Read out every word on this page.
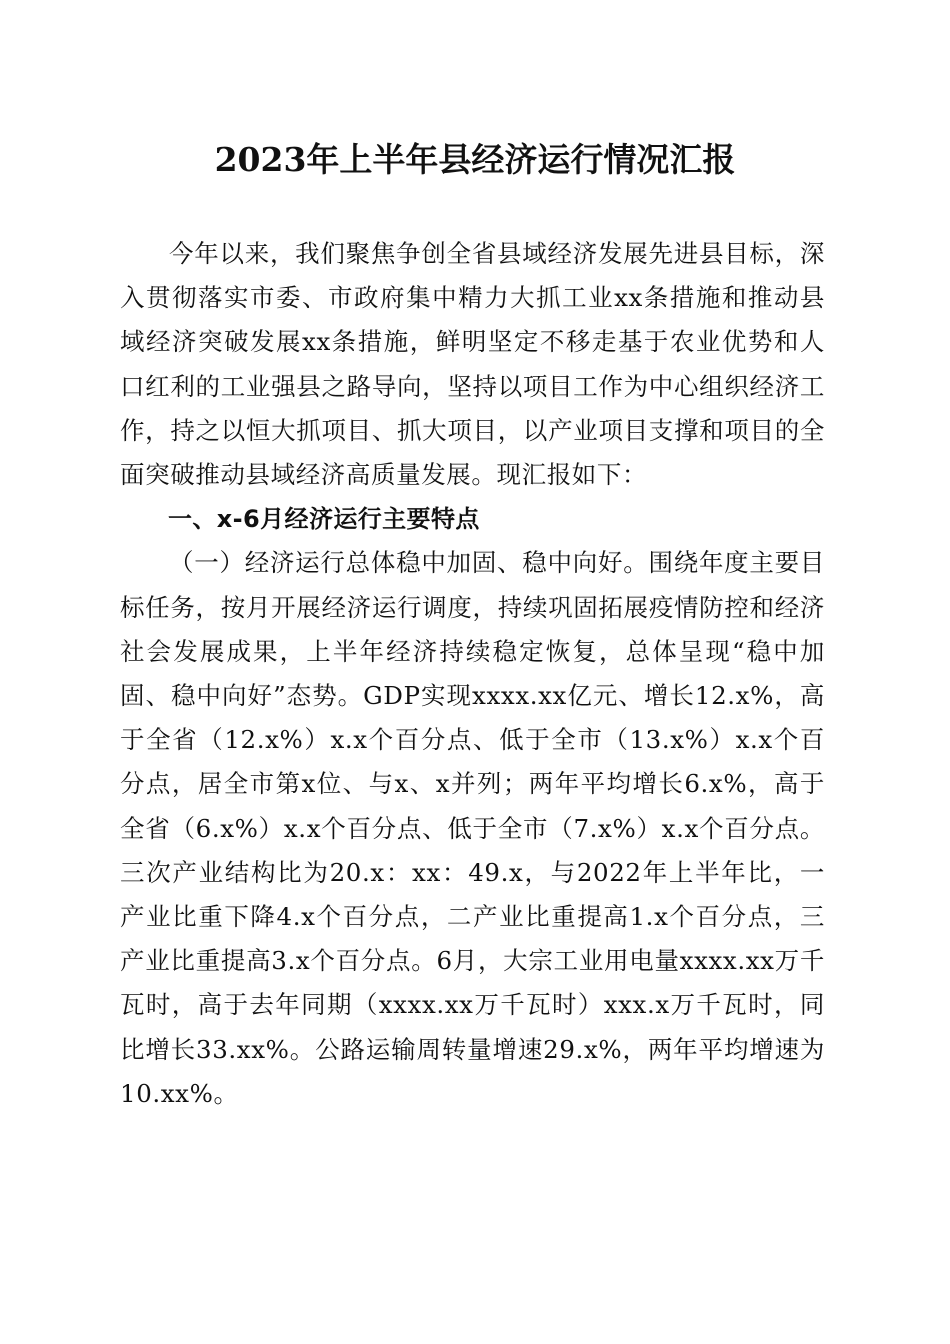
2023年上半年县经济运行情况汇报

今年以来，我们聚焦争创全省县域经济发展先进县目标，深入贯彻落实市委、市政府集中精力大抓工业xx条措施和推动县域经济突破发展xx条措施，鲜明坚定不移走基于农业优势和人口红利的工业强县之路导向，坚持以项目工作为中心组织经济工作，持之以恒大抓项目、抓大项目，以产业项目支撑和项目的全面突破推动县域经济高质量发展。现汇报如下：

一、x-6月经济运行主要特点

（一）经济运行总体稳中加固、稳中向好。围绕年度主要目标任务，按月开展经济运行调度，持续巩固拓展疫情防控和经济社会发展成果，上半年经济持续稳定恢复，总体呈现“稳中加固、稳中向好”态势。GDP实现xxxx.xx亿元、增长12.x%，高于全省（12.x%）x.x个百分点、低于全市（13.x%）x.x个百分点，居全市第x位、与x、x并列；两年平均增长6.x%，高于全省（6.x%）x.x个百分点、低于全市（7.x%）x.x个百分点。三次产业结构比为20.x：xx：49.x，与2022年上半年比，一产业比重下降4.x个百分点，二产业比重提高1.x个百分点，三产业比重提高3.x个百分点。6月，大宗工业用电量xxxx.xx万千瓦时，高于去年同期（xxxx.xx万千瓦时）xxx.x万千瓦时，同比增长33.xx%。公路运输周转量增速29.x%，两年平均增速为10.xx%。
